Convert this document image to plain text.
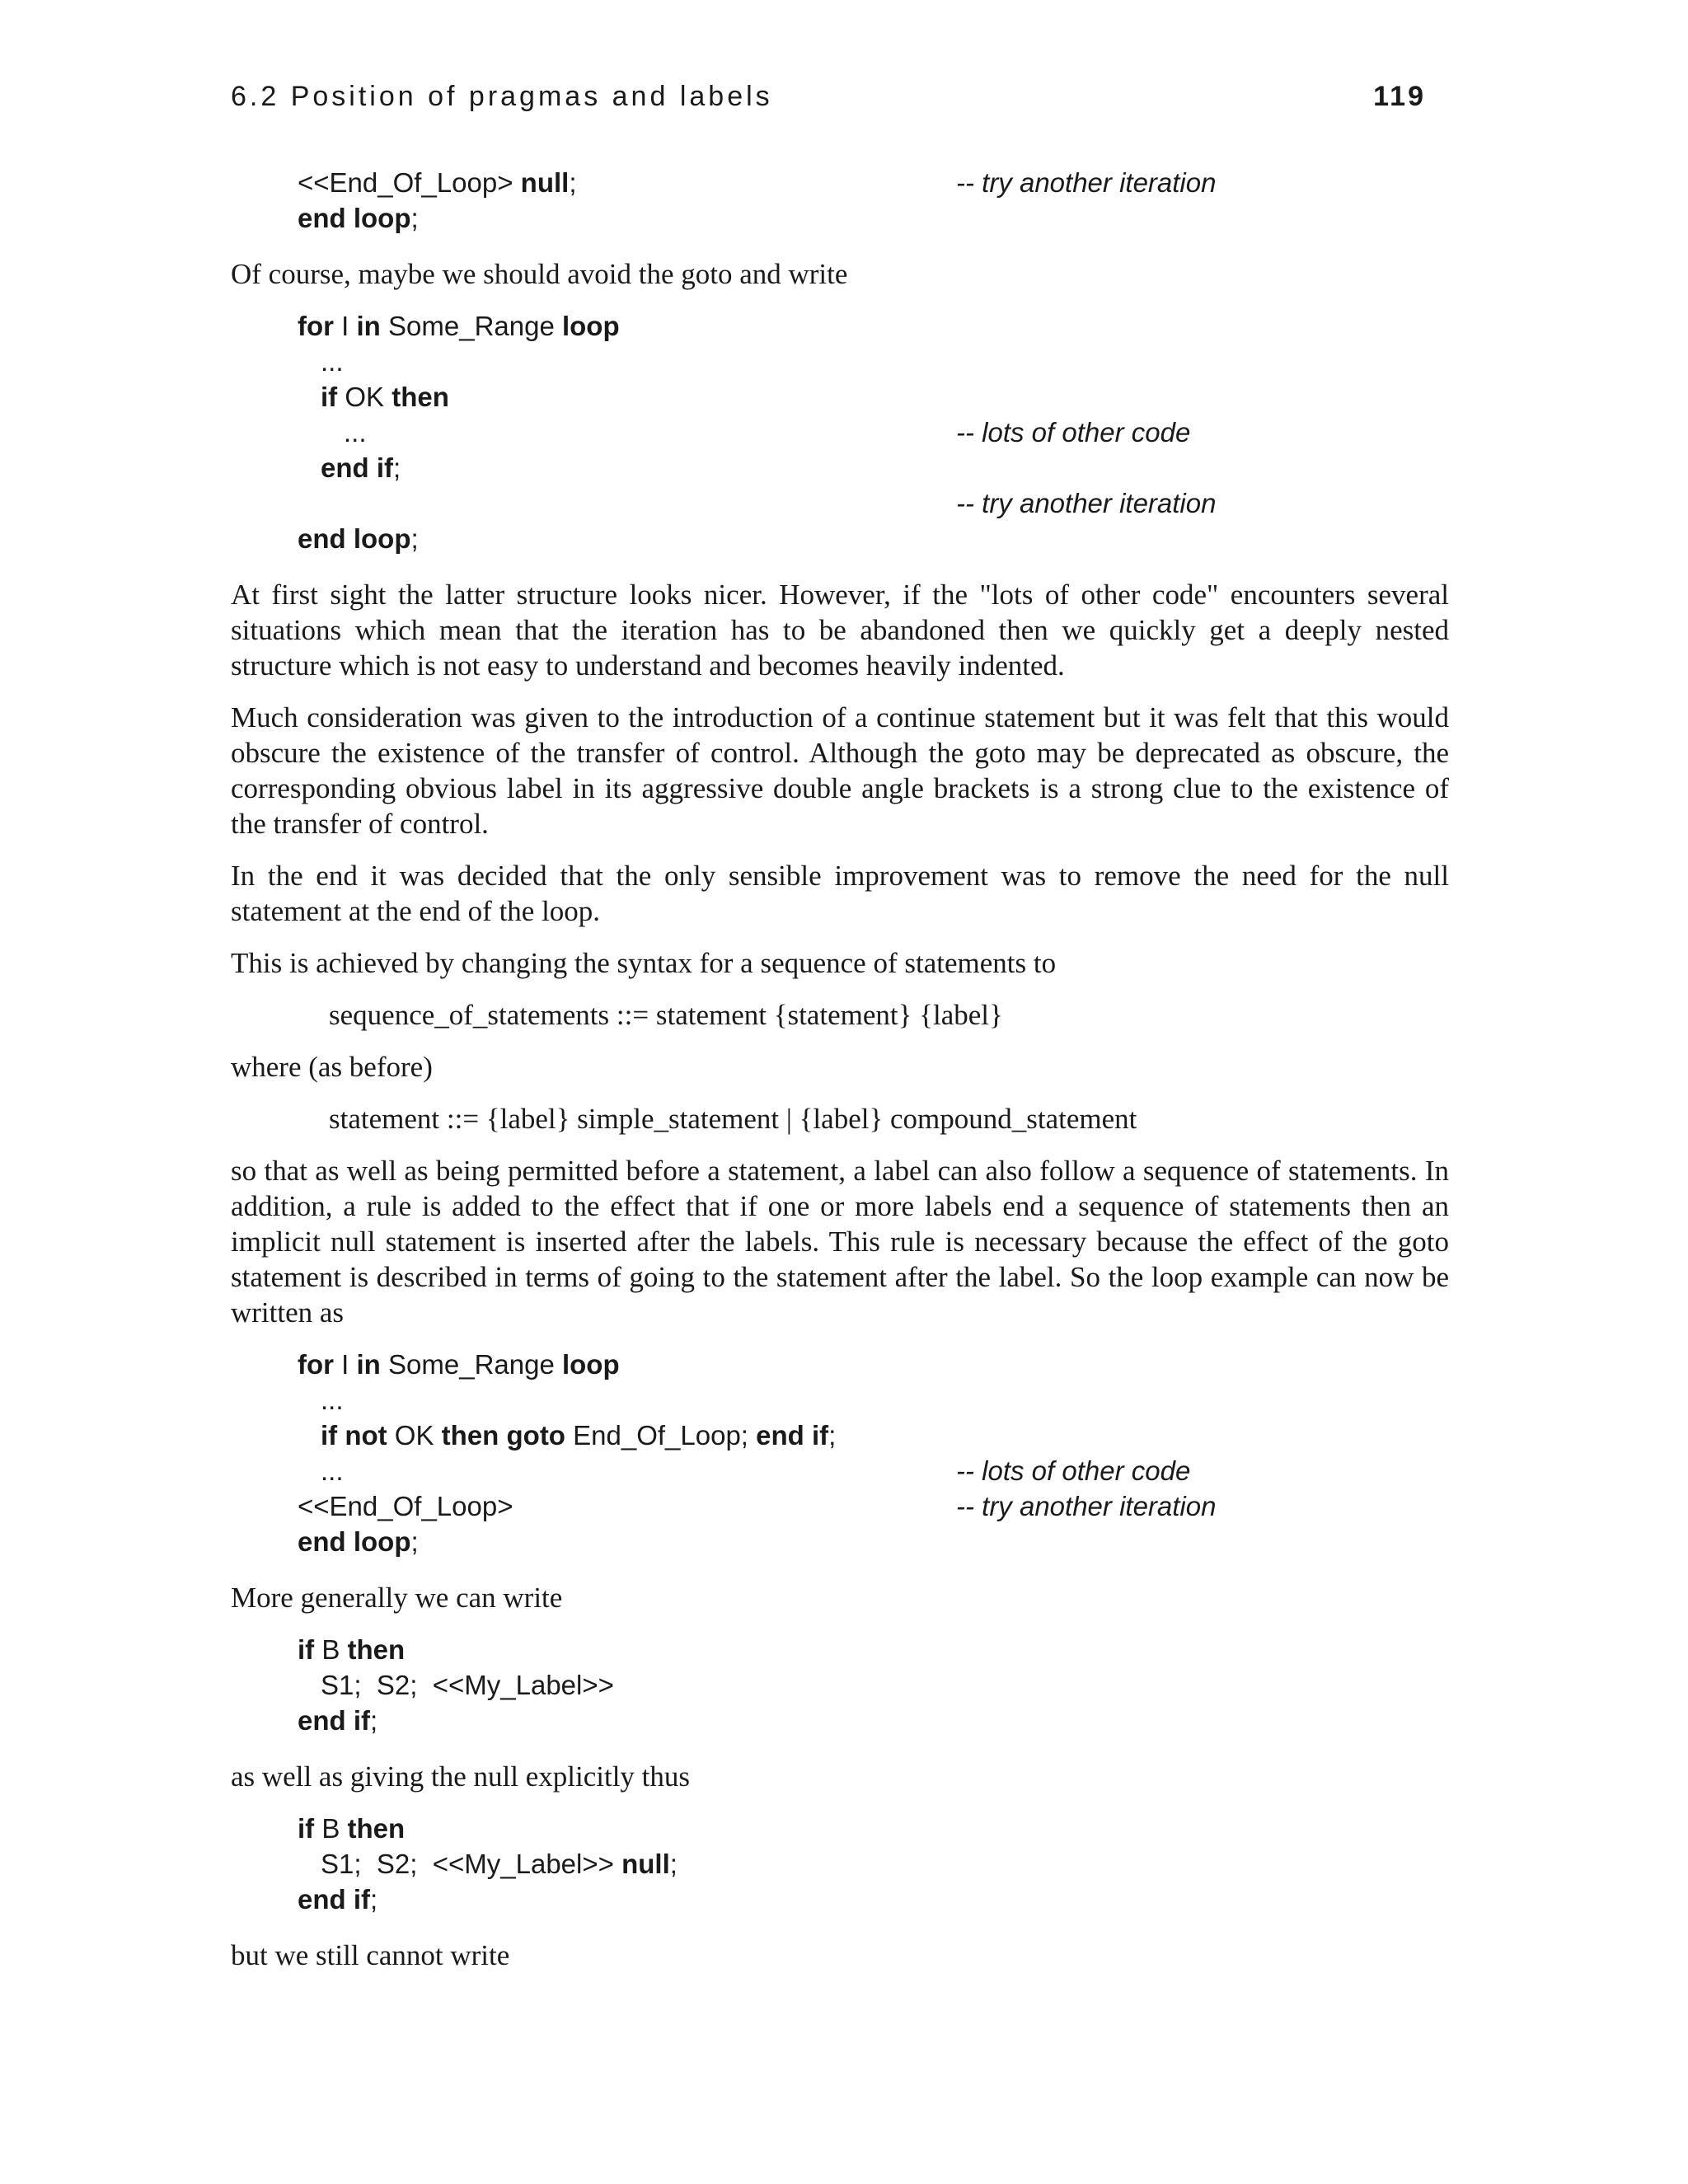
6.2 Position of pragmas and labels	119
<<End_Of_Loop> null;	-- try another iteration
end loop;

Of course, maybe we should avoid the goto and write

for I in Some_Range loop
...
if OK then
...	-- lots of other code
end if;
-- try another iteration
end loop;

At first sight the latter structure looks nicer. However, if the "lots of other code" encounters several situations which mean that the iteration has to be abandoned then we quickly get a deeply nested structure which is not easy to understand and becomes heavily indented.

Much consideration was given to the introduction of a continue statement but it was felt that this would obscure the existence of the transfer of control. Although the goto may be deprecated as obscure, the corresponding obvious label in its aggressive double angle brackets is a strong clue to the existence of the transfer of control.

In the end it was decided that the only sensible improvement was to remove the need for the null statement at the end of the loop.

This is achieved by changing the syntax for a sequence of statements to

sequence_of_statements ::= statement {statement} {label}

where (as before)

statement ::= {label} simple_statement | {label} compound_statement

so that as well as being permitted before a statement, a label can also follow a sequence of statements. In addition, a rule is added to the effect that if one or more labels end a sequence of statements then an implicit null statement is inserted after the labels. This rule is necessary because the effect of the goto statement is described in terms of going to the statement after the label. So the loop example can now be written as

for I in Some_Range loop
...
if not OK then goto End_Of_Loop; end if;
...	-- lots of other code
<<End_Of_Loop>	-- try another iteration
end loop;

More generally we can write

if B then
S1;  S2;  <<My_Label>>
end if;

as well as giving the null explicitly thus

if B then
S1;  S2;  <<My_Label>> null;
end if;

but we still cannot write
